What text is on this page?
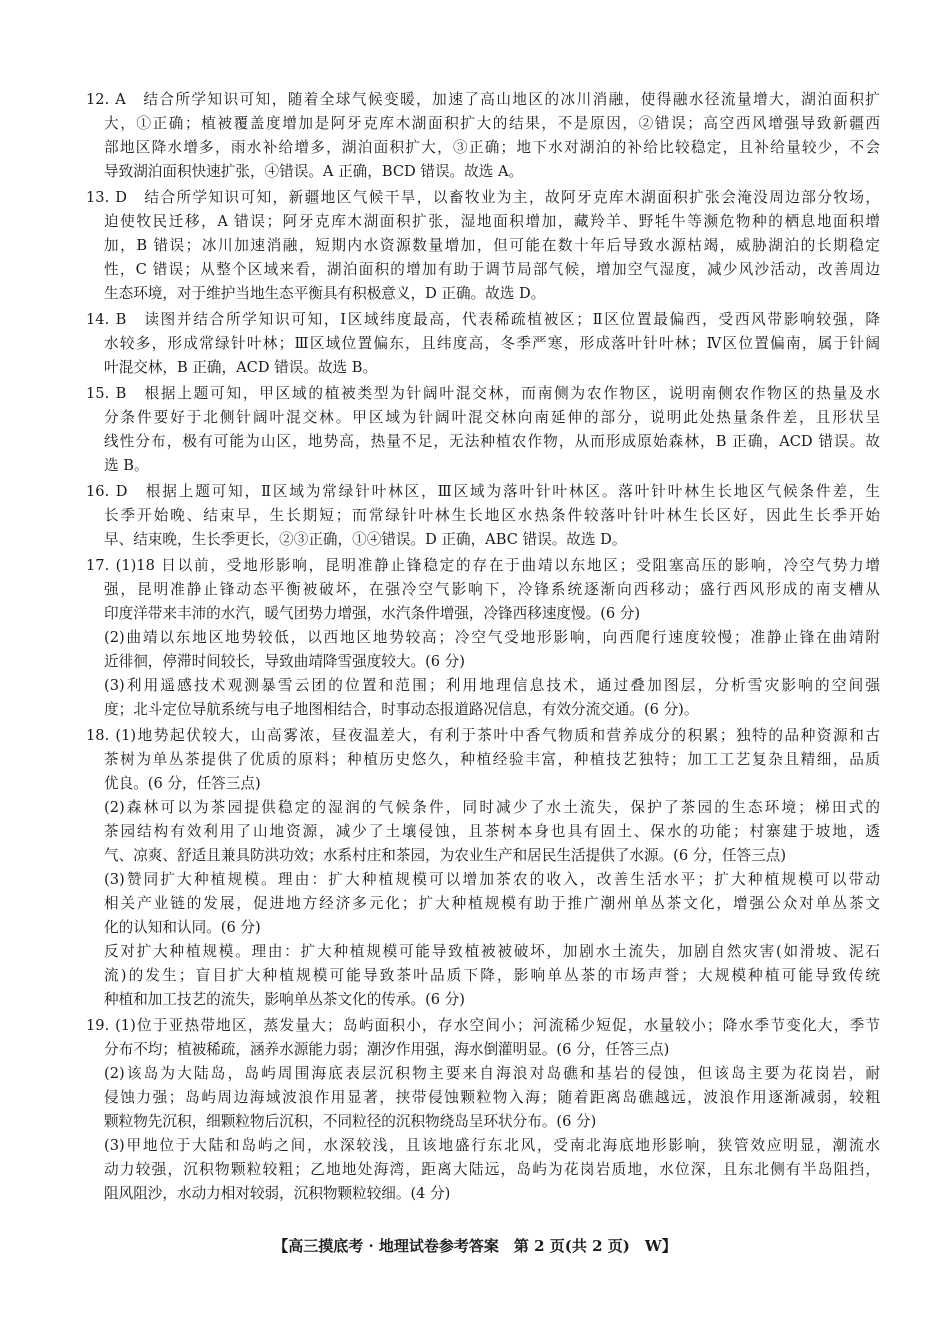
12. A　结合所学知识可知，随着全球气候变暖，加速了高山地区的冰川消融，使得融水径流量增大，湖泊面积扩
大，①正确；植被覆盖度增加是阿牙克库木湖面积扩大的结果，不是原因，②错误；高空西风增强导致新疆西
部地区降水增多，雨水补给增多，湖泊面积扩大，③正确；地下水对湖泊的补给比较稳定，且补给量较少，不会
导致湖泊面积快速扩张，④错误。A 正确，BCD 错误。故选 A。
13. D　结合所学知识可知，新疆地区气候干旱，以畜牧业为主，故阿牙克库木湖面积扩张会淹没周边部分牧场，
迫使牧民迁移，A 错误；阿牙克库木湖面积扩张，湿地面积增加，藏羚羊、野牦牛等濒危物种的栖息地面积增
加，B 错误；冰川加速消融，短期内水资源数量增加，但可能在数十年后导致水源枯竭，威胁湖泊的长期稳定
性，C 错误；从整个区域来看，湖泊面积的增加有助于调节局部气候，增加空气湿度，减少风沙活动，改善周边
生态环境，对于维护当地生态平衡具有积极意义，D 正确。故选 D。
14. B　读图并结合所学知识可知，Ⅰ区域纬度最高，代表稀疏植被区；Ⅱ区位置最偏西，受西风带影响较强，降
水较多，形成常绿针叶林；Ⅲ区域位置偏东，且纬度高，冬季严寒，形成落叶针叶林；Ⅳ区位置偏南，属于针阔
叶混交林，B 正确，ACD 错误。故选 B。
15. B　根据上题可知，甲区域的植被类型为针阔叶混交林，而南侧为农作物区，说明南侧农作物区的热量及水
分条件要好于北侧针阔叶混交林。甲区域为针阔叶混交林向南延伸的部分，说明此处热量条件差，且形状呈
线性分布，极有可能为山区，地势高，热量不足，无法种植农作物，从而形成原始森林，B 正确，ACD 错误。故
选 B。
16. D　根据上题可知，Ⅱ区域为常绿针叶林区，Ⅲ区域为落叶针叶林区。落叶针叶林生长地区气候条件差，生
长季开始晚、结束早，生长期短；而常绿针叶林生长地区水热条件较落叶针叶林生长区好，因此生长季开始
早、结束晚，生长季更长，②③正确，①④错误。D 正确，ABC 错误。故选 D。
17. (1)18 日以前，受地形影响，昆明准静止锋稳定的存在于曲靖以东地区；受阻塞高压的影响，冷空气势力增
强，昆明准静止锋动态平衡被破坏，在强冷空气影响下，冷锋系统逐渐向西移动；盛行西风形成的南支槽从
印度洋带来丰沛的水汽，暖气团势力增强，水汽条件增强，冷锋西移速度慢。(6 分)
(2)曲靖以东地区地势较低，以西地区地势较高；冷空气受地形影响，向西爬行速度较慢；准静止锋在曲靖附
近徘徊，停滞时间较长，导致曲靖降雪强度较大。(6 分)
(3)利用遥感技术观测暴雪云团的位置和范围；利用地理信息技术，通过叠加图层，分析雪灾影响的空间强
度；北斗定位导航系统与电子地图相结合，时事动态报道路况信息，有效分流交通。(6 分)。
18. (1)地势起伏较大，山高雾浓，昼夜温差大，有利于茶叶中香气物质和营养成分的积累；独特的品种资源和古
茶树为单丛茶提供了优质的原料；种植历史悠久，种植经验丰富，种植技艺独特；加工工艺复杂且精细，品质
优良。(6 分，任答三点)
(2)森林可以为茶园提供稳定的湿润的气候条件，同时减少了水土流失，保护了茶园的生态环境；梯田式的
茶园结构有效利用了山地资源，减少了土壤侵蚀，且茶树本身也具有固土、保水的功能；村寨建于坡地，透
气、凉爽、舒适且兼具防洪功效；水系村庄和茶园，为农业生产和居民生活提供了水源。(6 分，任答三点)
(3)赞同扩大种植规模。理由：扩大种植规模可以增加茶农的收入，改善生活水平；扩大种植规模可以带动
相关产业链的发展，促进地方经济多元化；扩大种植规模有助于推广潮州单丛茶文化，增强公众对单丛茶文
化的认知和认同。(6 分)
反对扩大种植规模。理由：扩大种植规模可能导致植被被破坏，加剧水土流失，加剧自然灾害(如滑坡、泥石
流)的发生；盲目扩大种植规模可能导致茶叶品质下降，影响单丛茶的市场声誉；大规模种植可能导致传统
种植和加工技艺的流失，影响单丛茶文化的传承。(6 分)
19. (1)位于亚热带地区，蒸发量大；岛屿面积小，存水空间小；河流稀少短促，水量较小；降水季节变化大，季节
分布不均；植被稀疏，涵养水源能力弱；潮汐作用强，海水倒灌明显。(6 分，任答三点)
(2)该岛为大陆岛，岛屿周围海底表层沉积物主要来自海浪对岛礁和基岩的侵蚀，但该岛主要为花岗岩，耐
侵蚀力强；岛屿周边海域波浪作用显著，挟带侵蚀颗粒物入海；随着距离岛礁越远，波浪作用逐渐减弱，较粗
颗粒物先沉积，细颗粒物后沉积，不同粒径的沉积物绕岛呈环状分布。(6 分)
(3)甲地位于大陆和岛屿之间，水深较浅，且该地盛行东北风，受南北海底地形影响，狭管效应明显，潮流水
动力较强，沉积物颗粒较粗；乙地地处海湾，距离大陆远，岛屿为花岗岩质地，水位深，且东北侧有半岛阻挡，
阻风阻沙，水动力相对较弱，沉积物颗粒较细。(4 分)
【高三摸底考 · 地理试卷参考答案　第 2 页(共 2 页)　W】
